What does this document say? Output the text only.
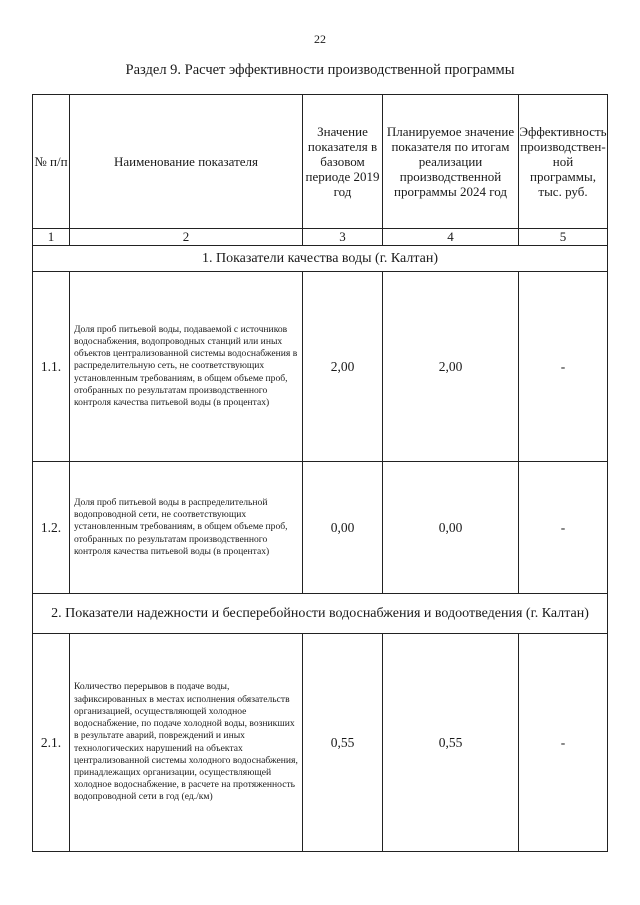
22
Раздел 9. Расчет эффективности производственной программы
№ п/п	Наименование показателя	Значение показателя в базовом периоде 2019 год	Планируемое значение показателя по итогам реализации производственной программы 2024 год	Эффективность производствен-ной программы, тыс. руб.
1	2	3	4	5
1. Показатели качества воды (г. Калтан)				
1.1.	Доля проб питьевой воды, подаваемой с источников водоснабжения, водопроводных станций или иных объектов централизованной системы водоснабжения в распределительную сеть, не соответствующих установленным требованиям, в общем объеме проб, отобранных по результатам производственного контроля качества питьевой воды (в процентах)	2,00	2,00	-
1.2.	Доля проб питьевой воды в распределительной водопроводной сети, не соответствующих установленным требованиям, в общем объеме проб, отобранных по результатам производственного контроля качества питьевой воды (в процентах)	0,00	0,00	-
2. Показатели надежности и бесперебойности водоснабжения и водоотведения (г. Калтан)				
2.1.	Количество перерывов в подаче воды, зафиксированных в местах исполнения обязательств организацией, осуществляющей холодное водоснабжение, по подаче холодной воды, возникших в результате аварий, повреждений и иных технологических нарушений на объектах централизованной системы холодного водоснабжения, принадлежащих организации, осуществляющей холодное водоснабжение, в расчете на протяженность водопроводной сети в год (ед./км)	0,55	0,55	-
